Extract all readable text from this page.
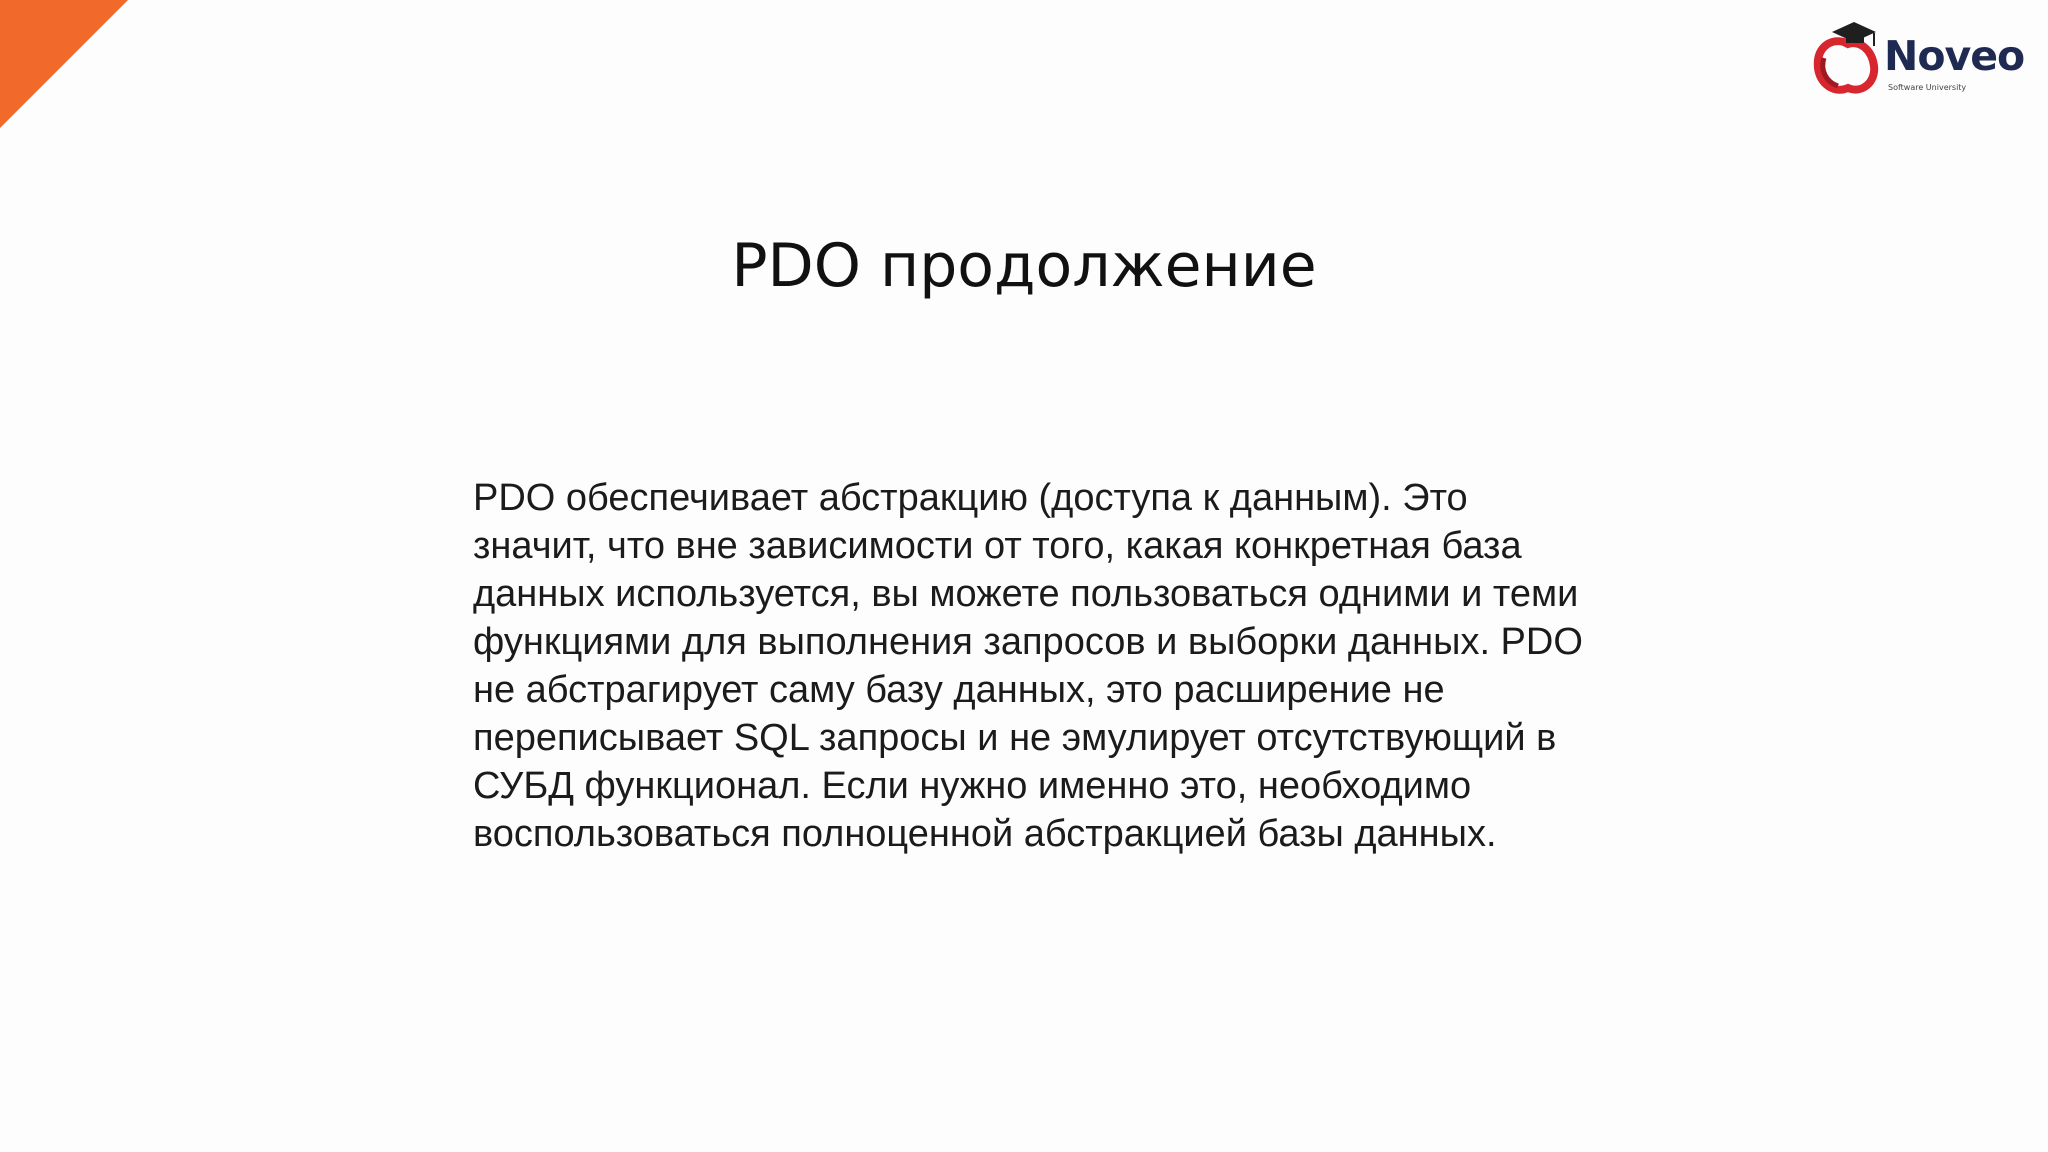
Noveo
Software University
PDO продолжение

PDO обеспечивает абстракцию (доступа к данным). Это значит, что вне зависимости от того, какая конкретная база данных используется, вы можете пользоваться одними и теми функциями для выполнения запросов и выборки данных. PDO не абстрагирует саму базу данных, это расширение не переписывает SQL запросы и не эмулирует отсутствующий в СУБД функционал. Если нужно именно это, необходимо воспользоваться полноценной абстракцией базы данных.
